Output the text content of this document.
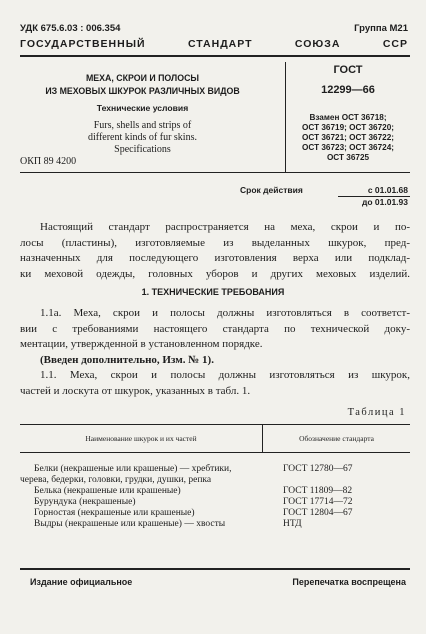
УДК 675.6.03 : 006.354	Группа М21
ГОСУДАРСТВЕННЫЙ СТАНДАРТ СОЮЗА ССР
МЕХА, СКРОИ И ПОЛОСЫ
ИЗ МЕХОВЫХ ШКУРОК РАЗЛИЧНЫХ ВИДОВ
Технические условия
Furs, shells and strips of
different kinds of fur skins.
Specifications
ОКП 89 4200
ГОСТ
12299—66
Взамен ОСТ 36718;
ОСТ 36719; ОСТ 36720;
ОСТ 36721; ОСТ 36722;
ОСТ 36723; ОСТ 36724;
ОСТ 36725
Срок действия	с 01.01.68
до 01.01.93
Настоящий стандарт распространяется на меха, скрои и по-
лосы (пластины), изготовляемые из выделанных шкурок, пред-
назначенных для последующего изготовления верха или подклад-
ки меховой одежды, головных уборов и других меховых изделий.
1. ТЕХНИЧЕСКИЕ ТРЕБОВАНИЯ
1.1а. Меха, скрои и полосы должны изготовляться в соответст-
вии с требованиями настоящего стандарта по технической доку-
ментации, утвержденной в установленном порядке.
(Введен дополнительно, Изм. № 1).
1.1. Меха, скрои и полосы должны изготовляться из шкурок,
частей и лоскута от шкурок, указанных в табл. 1.
Таблица 1
Наименование шкурок и их частей	Обозначение стандарта
Белки (некрашеные или крашеные) — хребтики,	ГОСТ 12780—67
черева, бедерки, головки, грудки, душки, репка
Белька (некрашеные или крашеные)	ГОСТ 11809—82
Бурундука (некрашеные)	ГОСТ 17714—72
Горностая (некрашеные или крашеные)	ГОСТ 12804—67
Выдры (некрашеные или крашеные) — хвосты	НТД
Издание официальное	Перепечатка воспрещена
